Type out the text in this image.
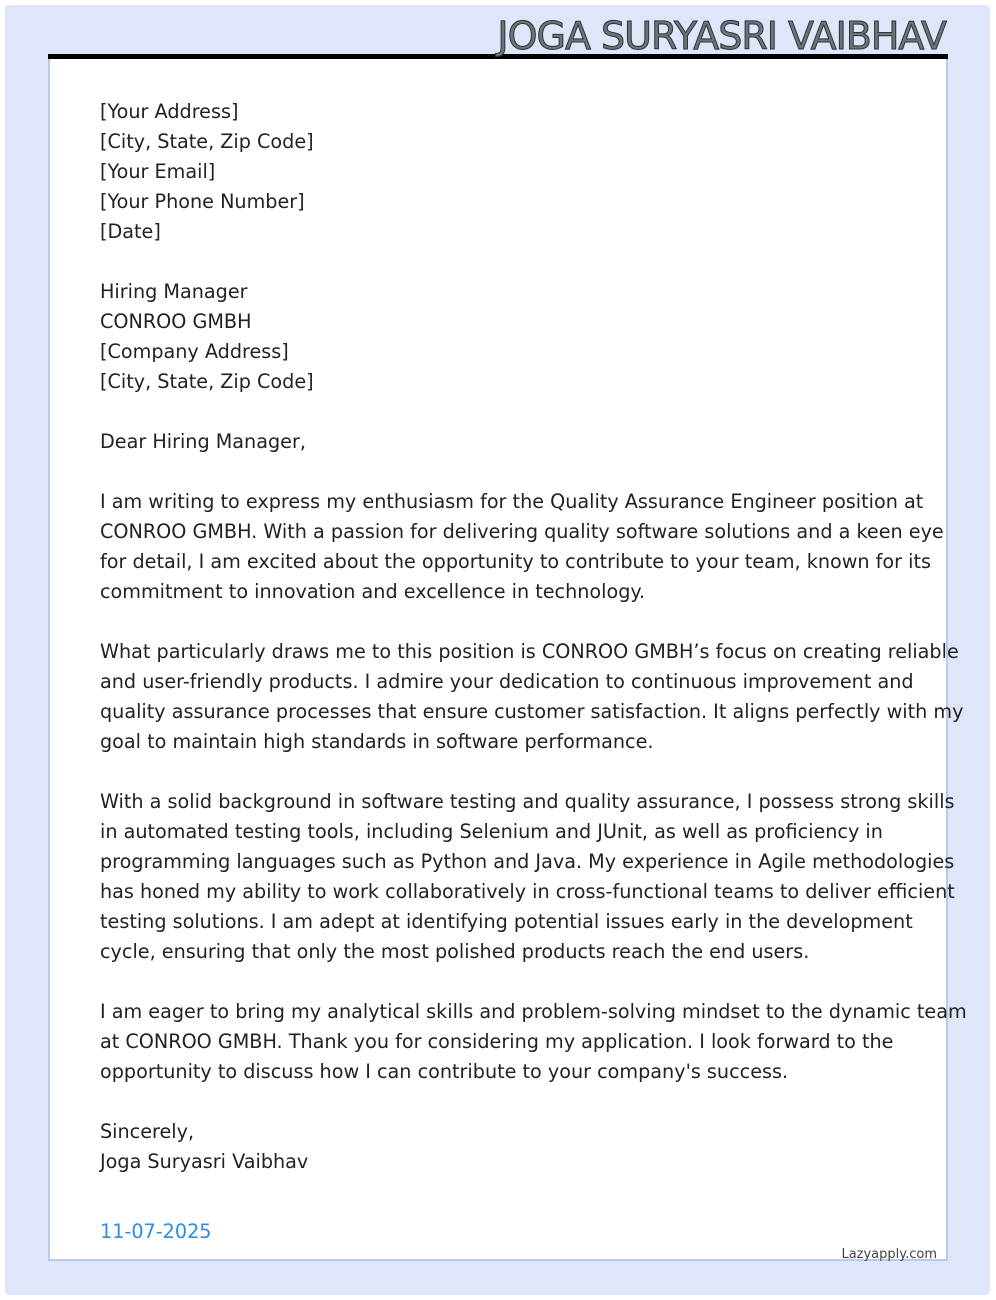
JOGA SURYASRI VAIBHAV
[Your Address]
[City, State, Zip Code]
[Your Email]
[Your Phone Number]
[Date]
Hiring Manager
CONROO GMBH
[Company Address]
[City, State, Zip Code]
Dear Hiring Manager,
I am writing to express my enthusiasm for the Quality Assurance Engineer position at
CONROO GMBH. With a passion for delivering quality software solutions and a keen eye
for detail, I am excited about the opportunity to contribute to your team, known for its
commitment to innovation and excellence in technology.
What particularly draws me to this position is CONROO GMBH’s focus on creating reliable
and user-friendly products. I admire your dedication to continuous improvement and
quality assurance processes that ensure customer satisfaction. It aligns perfectly with my
goal to maintain high standards in software performance.
With a solid background in software testing and quality assurance, I possess strong skills
in automated testing tools, including Selenium and JUnit, as well as proficiency in
programming languages such as Python and Java. My experience in Agile methodologies
has honed my ability to work collaboratively in cross-functional teams to deliver efficient
testing solutions. I am adept at identifying potential issues early in the development
cycle, ensuring that only the most polished products reach the end users.
I am eager to bring my analytical skills and problem-solving mindset to the dynamic team
at CONROO GMBH. Thank you for considering my application. I look forward to the
opportunity to discuss how I can contribute to your company's success.
Sincerely,
Joga Suryasri Vaibhav
11-07-2025
Lazyapply.com
